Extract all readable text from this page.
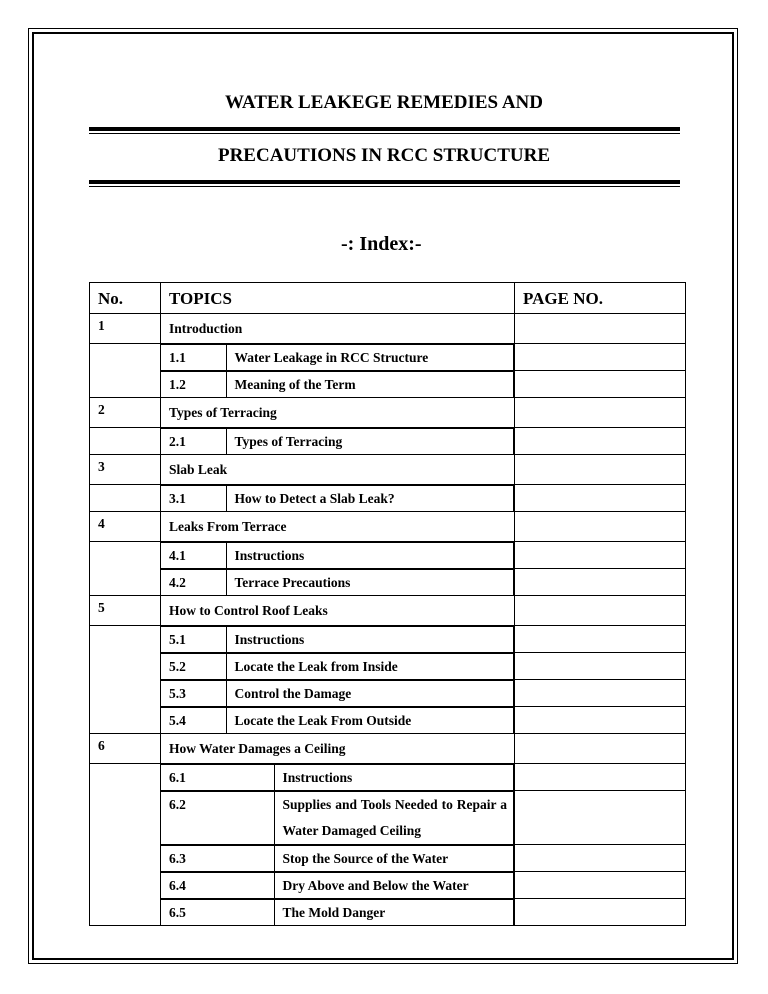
WATER LEAKEGE REMEDIES AND
PRECAUTIONS IN RCC STRUCTURE
-: Index:-
No.	TOPICS	PAGE NO.
1	Introduction	

1.1	Water Leakage in RCC Structure

1.2	Meaning of the Term

2	Types of Terracing	

2.1	Types of Terracing

3	Slab Leak	

3.1	How to Detect a Slab Leak?

4	Leaks From Terrace	

4.1	Instructions

4.2	Terrace Precautions

5	How to Control Roof Leaks	

5.1	Instructions

5.2	Locate the Leak from Inside

5.3	Control the Damage

5.4	Locate the Leak From Outside

6	How Water Damages a Ceiling	

6.1	Instructions

6.2	Supplies and Tools Needed to Repair a Water Damaged Ceiling

6.3	Stop the Source of the Water

6.4	Dry Above and Below the Water

6.5	The Mold Danger
